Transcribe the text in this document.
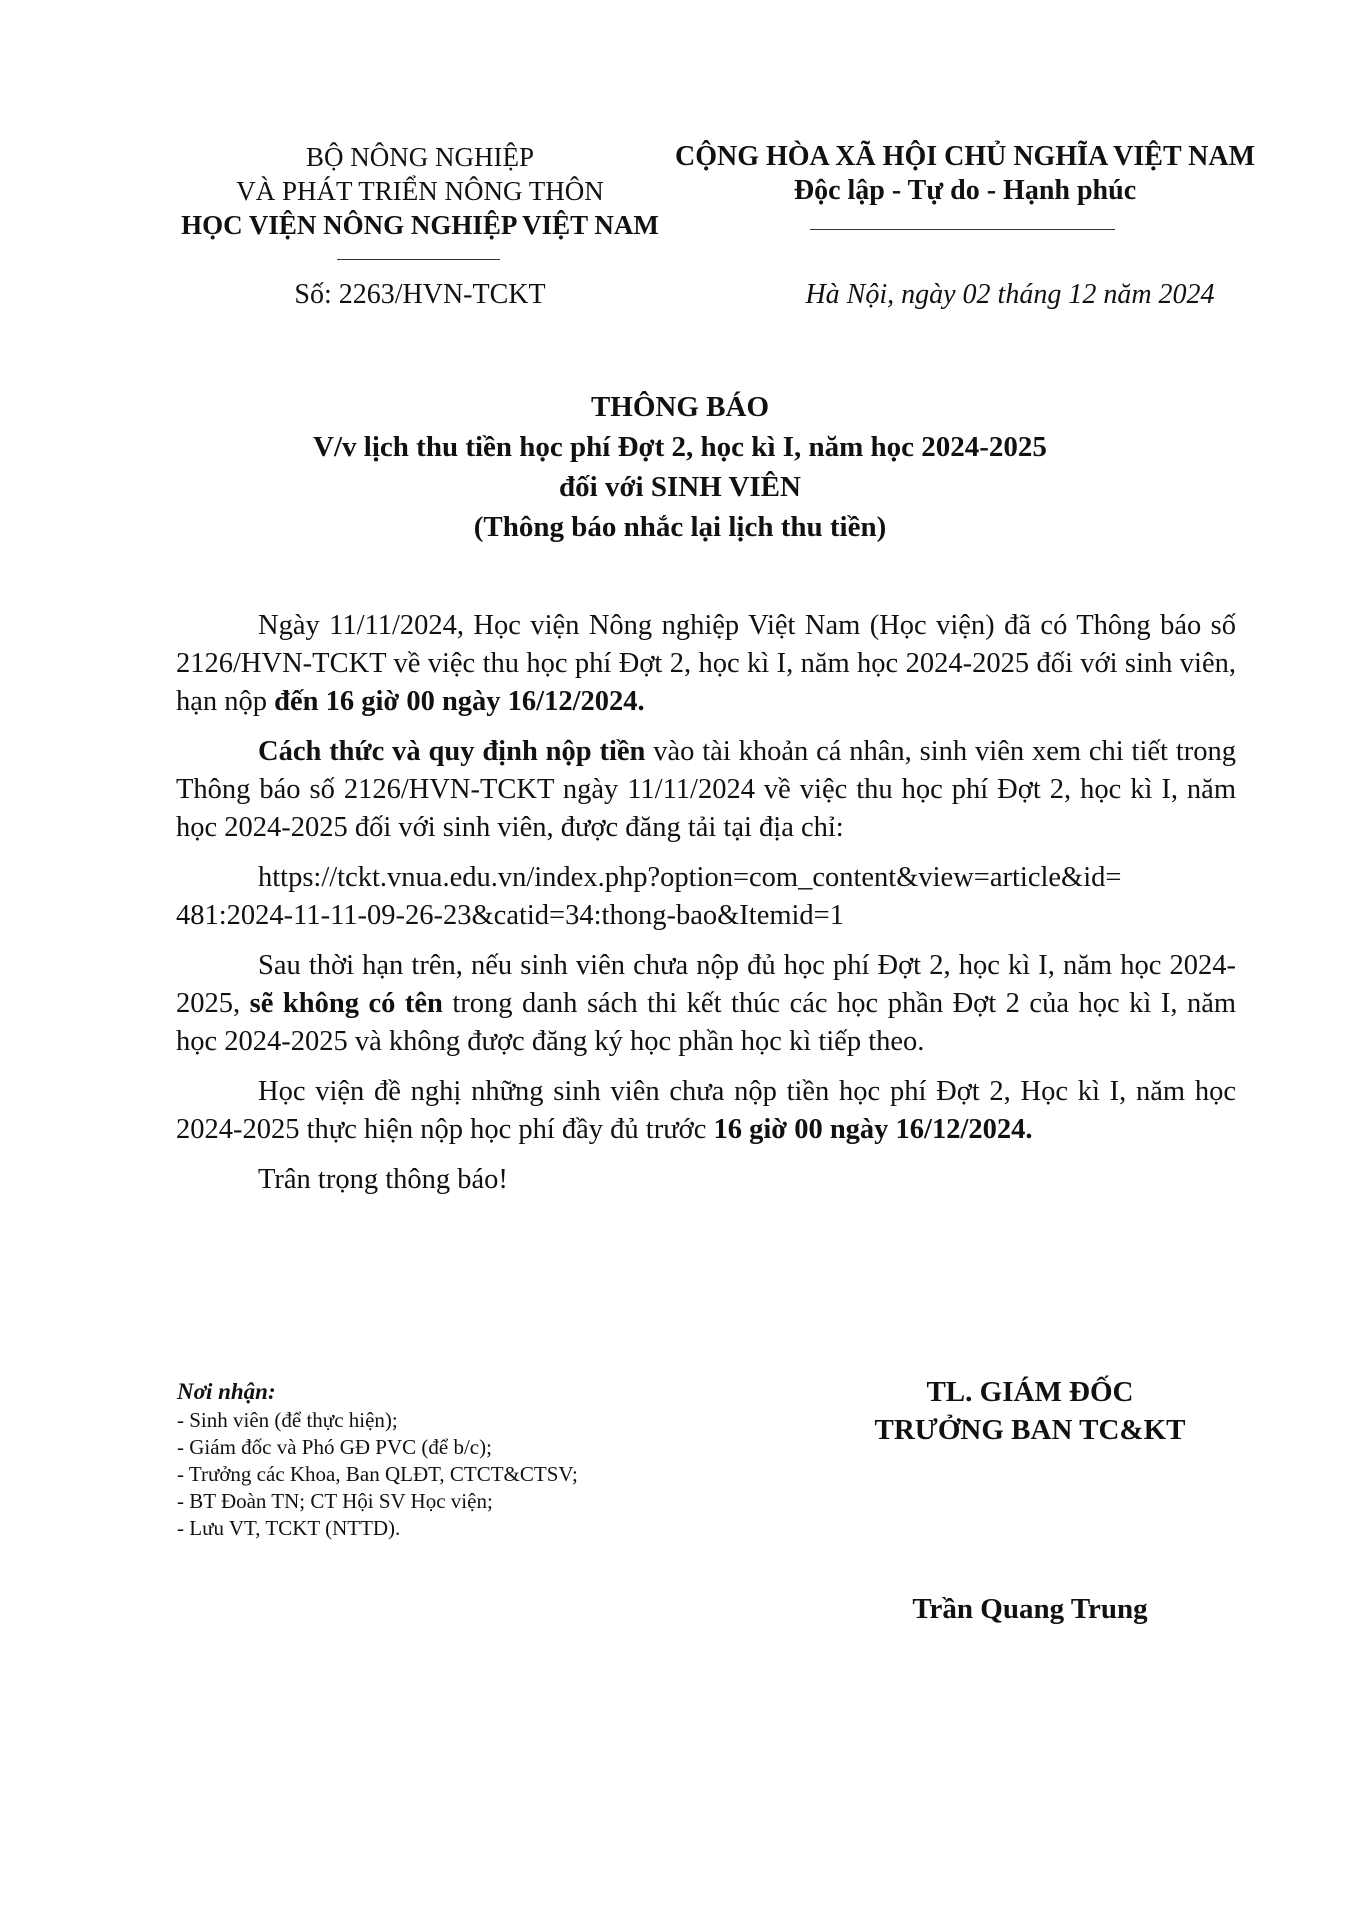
BỘ NÔNG NGHIỆP
VÀ PHÁT TRIỂN NÔNG THÔN
HỌC VIỆN NÔNG NGHIỆP VIỆT NAM
CỘNG HÒA XÃ HỘI CHỦ NGHĨA VIỆT NAM
Độc lập - Tự do - Hạnh phúc
Số: 2263/HVN-TCKT	Hà Nội, ngày 02 tháng 12 năm 2024
THÔNG BÁO
V/v lịch thu tiền học phí Đợt 2, học kì I, năm học 2024-2025
đối với SINH VIÊN
(Thông báo nhắc lại lịch thu tiền)

Ngày 11/11/2024, Học viện Nông nghiệp Việt Nam (Học viện) đã có Thông báo số 2126/HVN-TCKT về việc thu học phí Đợt 2, học kì I, năm học 2024-2025 đối với sinh viên, hạn nộp đến 16 giờ 00 ngày 16/12/2024.

Cách thức và quy định nộp tiền vào tài khoản cá nhân, sinh viên xem chi tiết trong Thông báo số 2126/HVN-TCKT ngày 11/11/2024 về việc thu học phí Đợt 2, học kì I, năm học 2024-2025 đối với sinh viên, được đăng tải tại địa chỉ:

https://tckt.vnua.edu.vn/index.php?option=com_content&view=article&id=
481:2024-11-11-09-26-23&catid=34:thong-bao&Itemid=1

Sau thời hạn trên, nếu sinh viên chưa nộp đủ học phí Đợt 2, học kì I, năm học 2024-2025, sẽ không có tên trong danh sách thi kết thúc các học phần Đợt 2 của học kì I, năm học 2024-2025 và không được đăng ký học phần học kì tiếp theo.

Học viện đề nghị những sinh viên chưa nộp tiền học phí Đợt 2, Học kì I, năm học 2024-2025 thực hiện nộp học phí đầy đủ trước 16 giờ 00 ngày 16/12/2024.

Trân trọng thông báo!

Nơi nhận:
- Sinh viên (để thực hiện);
- Giám đốc và Phó GĐ PVC (để b/c);
- Trưởng các Khoa, Ban QLĐT, CTCT&CTSV;
- BT Đoàn TN; CT Hội SV Học viện;
- Lưu VT, TCKT (NTTD).
TL. GIÁM ĐỐC
TRƯỞNG BAN TC&KT
Trần Quang Trung
